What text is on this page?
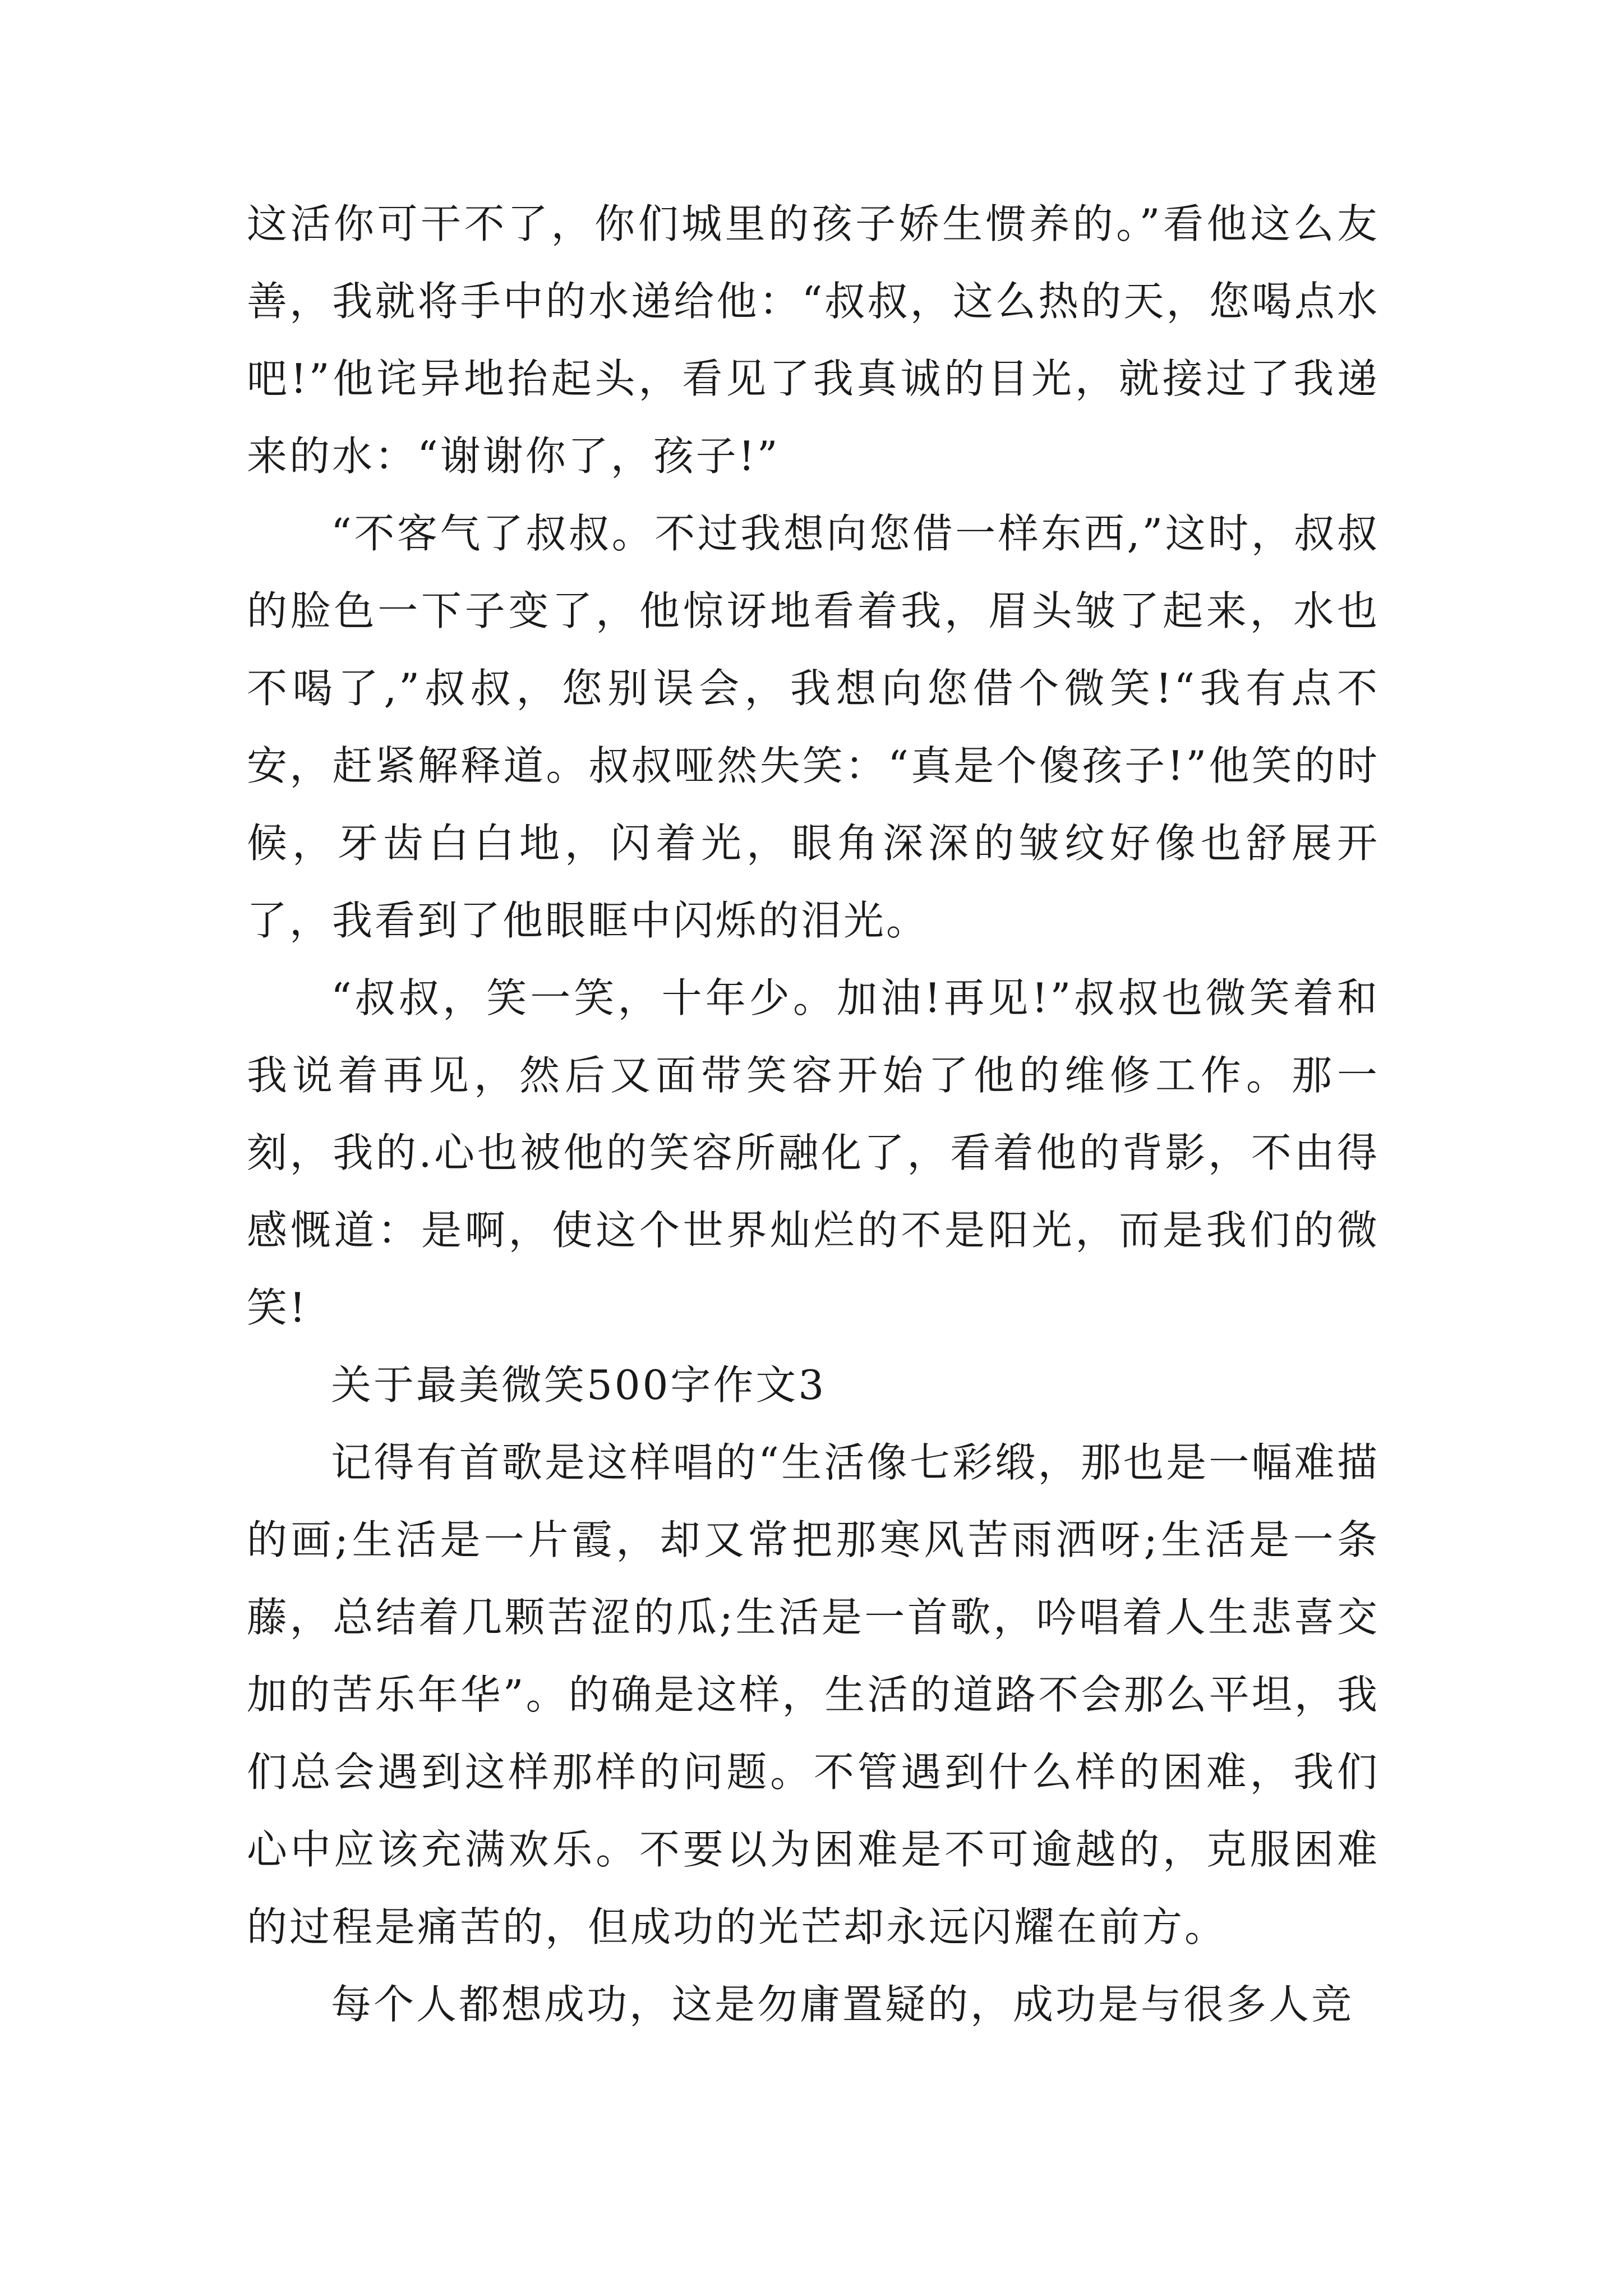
这活你可干不了，你们城里的孩子娇生惯养的。”看他这么友善，我就将手中的水递给他：“叔叔，这么热的天，您喝点水吧!”他诧异地抬起头，看见了我真诚的目光，就接过了我递来的水：“谢谢你了，孩子!”

“不客气了叔叔。不过我想向您借一样东西,”这时，叔叔的脸色一下子变了，他惊讶地看着我，眉头皱了起来，水也不喝了,”叔叔，您别误会，我想向您借个微笑!“我有点不安，赶紧解释道。叔叔哑然失笑：“真是个傻孩子!”他笑的时候，牙齿白白地，闪着光，眼角深深的皱纹好像也舒展开了，我看到了他眼眶中闪烁的泪光。

“叔叔，笑一笑，十年少。加油!再见!”叔叔也微笑着和我说着再见，然后又面带笑容开始了他的维修工作。那一刻，我的.心也被他的笑容所融化了，看着他的背影，不由得感慨道：是啊，使这个世界灿烂的不是阳光，而是我们的微笑!

关于最美微笑500字作文3

记得有首歌是这样唱的“生活像七彩缎，那也是一幅难描的画;生活是一片霞，却又常把那寒风苦雨洒呀;生活是一条藤，总结着几颗苦涩的瓜;生活是一首歌，吟唱着人生悲喜交加的苦乐年华”。的确是这样，生活的道路不会那么平坦，我们总会遇到这样那样的问题。不管遇到什么样的困难，我们心中应该充满欢乐。不要以为困难是不可逾越的，克服困难的过程是痛苦的，但成功的光芒却永远闪耀在前方。

每个人都想成功，这是勿庸置疑的，成功是与很多人竞
